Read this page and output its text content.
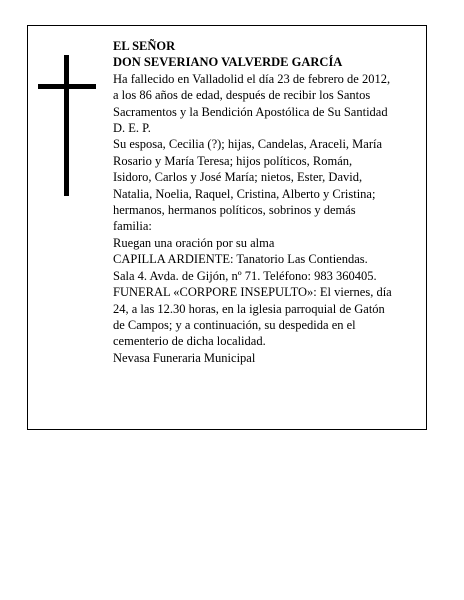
EL SEÑOR
DON SEVERIANO VALVERDE GARCÍA
Ha fallecido en Valladolid el día 23 de febrero de 2012,
a los 86 años de edad, después de recibir los Santos
Sacramentos y la Bendición Apostólica de Su Santidad
D. E. P.
Su esposa, Cecilia (?); hijas, Candelas, Araceli, María
Rosario y María Teresa; hijos políticos, Román,
Isidoro, Carlos y José María; nietos, Ester, David,
Natalia, Noelia, Raquel, Cristina, Alberto y Cristina;
hermanos, hermanos políticos, sobrinos y demás
familia:
Ruegan una oración por su alma
CAPILLA ARDIENTE: Tanatorio Las Contiendas.
Sala 4. Avda. de Gijón, nº 71. Teléfono: 983 360405.
FUNERAL «CORPORE INSEPULTO»: El viernes, día
24, a las 12.30 horas, en la iglesia parroquial de Gatón
de Campos; y a continuación, su despedida en el
cementerio de dicha localidad.
Nevasa Funeraria Municipal
